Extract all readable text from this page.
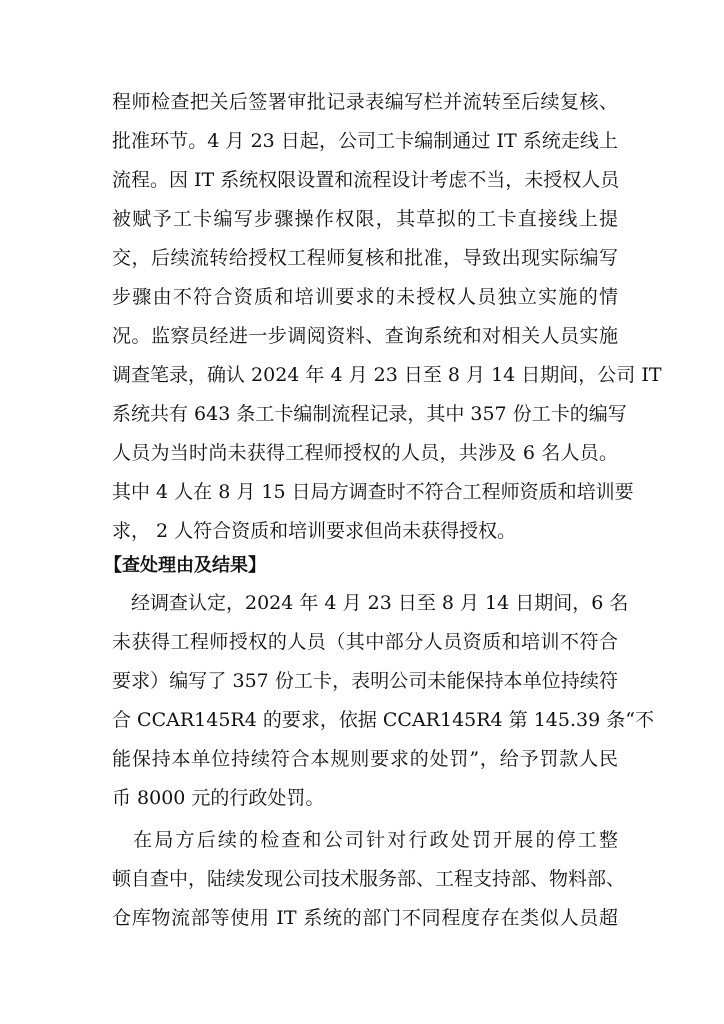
程师检查把关后签署审批记录表编写栏并流转至后续复核、
批准环节。4 月 23 日起，公司工卡编制通过 IT 系统走线上
流程。因 IT 系统权限设置和流程设计考虑不当，未授权人员
被赋予工卡编写步骤操作权限，其草拟的工卡直接线上提
交，后续流转给授权工程师复核和批准，导致出现实际编写
步骤由不符合资质和培训要求的未授权人员独立实施的情
况。监察员经进一步调阅资料、查询系统和对相关人员实施
调查笔录，确认 2024 年 4 月 23 日至 8 月 14 日期间，公司 IT
系统共有 643 条工卡编制流程记录，其中 357 份工卡的编写
人员为当时尚未获得工程师授权的人员，共涉及 6 名人员。
其中 4 人在 8 月 15 日局方调查时不符合工程师资质和培训要
求， 2 人符合资质和培训要求但尚未获得授权。
【查处理由及结果】
　经调查认定，2024 年 4 月 23 日至 8 月 14 日期间，6 名
未获得工程师授权的人员（其中部分人员资质和培训不符合
要求）编写了 357 份工卡，表明公司未能保持本单位持续符
合 CCAR145R4 的要求，依据 CCAR145R4 第 145.39 条“不
能保持本单位持续符合本规则要求的处罚”，给予罚款人民
币 8000 元的行政处罚。
　在局方后续的检查和公司针对行政处罚开展的停工整
顿自查中，陆续发现公司技术服务部、工程支持部、物料部、
仓库物流部等使用 IT 系统的部门不同程度存在类似人员超
